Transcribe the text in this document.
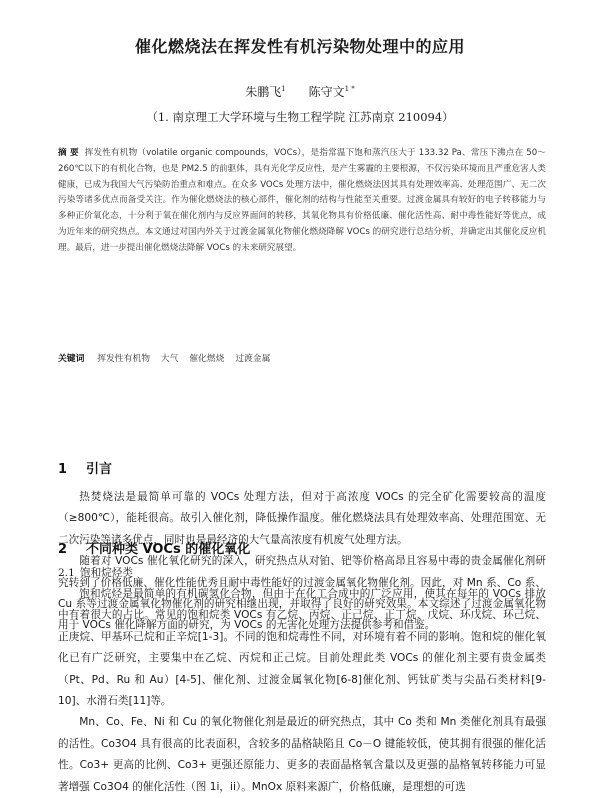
催化燃烧法在挥发性有机污染物处理中的应用
朱鹏飞$^1$ 陈守文$^{1 *}$
（1. 南京理工大学环境与生物工程学院 江苏南京 210094）
摘 要 挥发性有机物（volatile organic compounds，VOCs），是指常温下饱和蒸汽压大于 133.32 Pa、常压下沸点在 50～260℃以下的有机化合物，也是 PM2.5 的前驱体，具有光化学反应性，是产生雾霾的主要根源，不仅污染环境而且严重危害人类健康，已成为我国大气污染防治重点和难点。在众多 VOCs 处理方法中，催化燃烧法因其具有处理效率高、处理范围广、无二次污染等诸多优点而备受关注。作为催化燃烧法的核心部件，催化剂的结构与性能至关重要。过渡金属具有较好的电子转移能力与多种正价氧化态，十分利于氧在催化剂内与反应界面间的转移，其氧化物具有价格低廉、催化活性高、耐中毒性能好等优点，成为近年来的研究热点。本文通过对国内外关于过渡金属氧化物催化燃烧降解 VOCs 的研究进行总结分析，并确定出其催化反应机理。最后，进一步提出催化燃烧法降解 VOCs 的未来研究展望。
关键词 挥发性有机物 大气 催化燃烧 过渡金属
1 引言

热焚烧法是最简单可靠的 VOCs 处理方法，但对于高浓度 VOCs 的完全矿化需要较高的温度（≥800℃），能耗很高。故引入催化剂，降低操作温度。催化燃烧法具有处理效率高、处理范围宽、无二次污染等诸多优点，同时也是最经济的大气量高浓度有机废气处理方法。

随着对 VOCs 催化氧化研究的深入，研究热点从对铂、钯等价格高昂且容易中毒的贵金属催化剂研究转到了价格低廉、催化性能优秀且耐中毒性能好的过渡金属氧化物催化剂。因此，对 Mn 系、Co 系、Cu 系等过渡金属氧化物催化剂的研究相继出现，并取得了良好的研究效果。本文综述了过渡金属氧化物用于 VOCs 催化降解方面的研究，为 VOCs 的无害化处理方法提供参考和借鉴。

2 不同种类 VOCs 的催化氧化
2.1 饱和烷烃类

饱和烷烃是最简单的有机碳氢化合物，但由于在化工合成中的广泛应用，使其在每年的 VOCs 排放中有着很大的占比。常见的饱和烷类 VOCs 有乙烷、丙烷、正己烷、正丁烷、戊烷、环戊烷、环己烷、正庚烷、甲基环己烷和正辛烷[1-3]。不同的饱和烷毒性不同，对环境有着不同的影响。饱和烷的催化氧化已有广泛研究，主要集中在乙烷、丙烷和正己烷。目前处理此类 VOCs 的催化剂主要有贵金属类（Pt、Pd、Ru 和 Au）[4-5]、催化剂、过渡金属氧化物[6-8]催化剂、钙钛矿类与尖晶石类材料[9-10]、水滑石类[11]等。

Mn、Co、Fe、Ni 和 Cu 的氧化物催化剂是最近的研究热点，其中 Co 类和 Mn 类催化剂具有最强的活性。Co3O4 具有很高的比表面积，含较多的晶格缺陷且 Co－O 键能较低，使其拥有很强的催化活性。Co3+ 更高的比例、Co3+ 更强还原能力、更多的表面晶格氧含量以及更强的晶格氧转移能力可显著增强 Co3O4 的催化活性（图 1i，ii）。MnOx 原料来源广，价格低廉，是理想的可选
